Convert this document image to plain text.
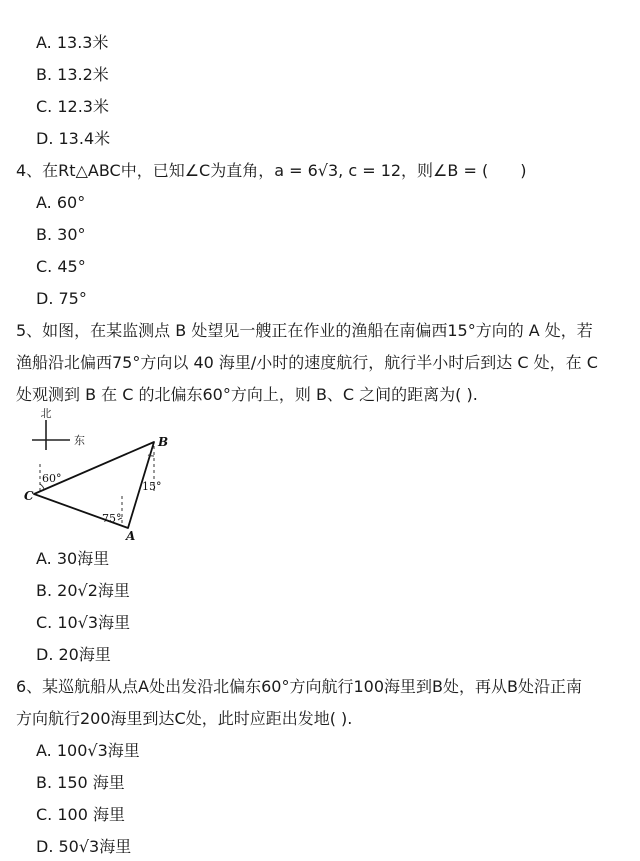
A. 13.3米
B. 13.2米
C. 12.3米
D. 13.4米
4、在Rt△ABC中，已知∠C为直角，a = 6√3, c = 12，则∠B = (　　)
A. 60°
B. 30°
C. 45°
D. 75°
5、如图，在某监测点 B 处望见一艘正在作业的渔船在南偏西15°方向的 A 处，若
渔船沿北偏西75°方向以 40 海里/小时的速度航行，航行半小时后到达 C 处，在 C
处观测到 B 在 C 的北偏东60°方向上，则 B、C 之间的距离为( ).
北
东	B
C
A
60°
15°
75°
A. 30海里
B. 20√2海里
C. 10√3海里
D. 20海里
6、某巡航船从点A处出发沿北偏东60°方向航行100海里到B处，再从B处沿正南
方向航行200海里到达C处，此时应距出发地( ).
A. 100√3海里
B. 150 海里
C. 100 海里
D. 50√3海里
